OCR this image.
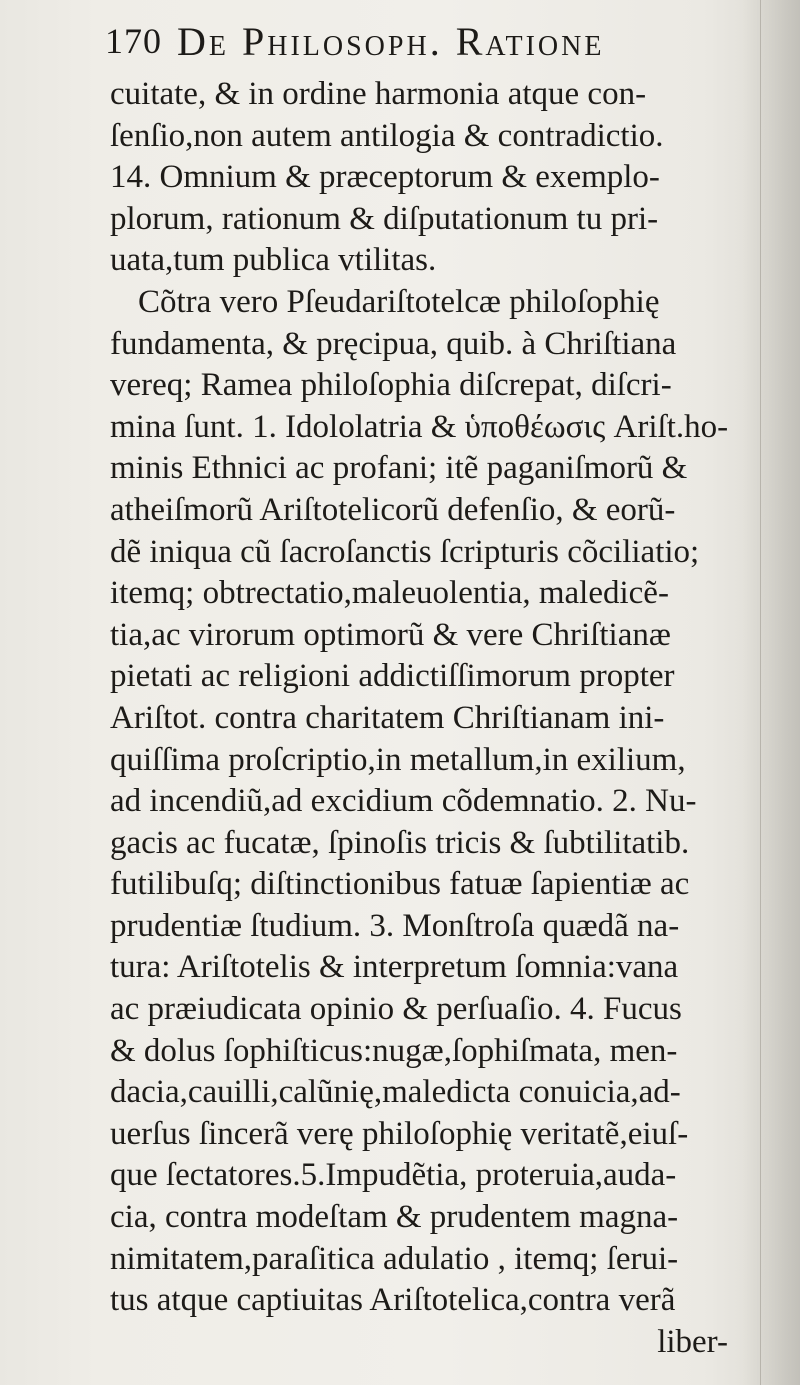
170 De Philosoph. Ratione
cuitate, & in ordine harmonia atque con-
ſenſio,non autem antilogia & contradictio.
14. Omnium & præceptorum & exemplo-
plorum, rationum & diſputationum tu pri-
uata,tum publica vtilitas.
Cõtra vero Pſeudariſtotelcæ philoſophię
fundamenta, & pręcipua, quib. à Chriſtiana
vereq; Ramea philoſophia diſcrepat, diſcri-
mina ſunt. 1. Idololatria & ὑποθέωσις Ariſt.ho-
minis Ethnici ac profani; itẽ paganiſmorũ &
atheiſmorũ Ariſtotelicorũ defenſio, & eorũ-
dẽ iniqua cũ ſacroſanctis ſcripturis cõciliatio;
itemq; obtrectatio,maleuolentia, maledicẽ-
tia,ac virorum optimorũ & vere Chriſtianæ
pietati ac religioni addictiſſimorum propter
Ariſtot. contra charitatem Chriſtianam ini-
quiſſima proſcriptio,in metallum,in exilium,
ad incendiũ,ad excidium cõdemnatio. 2. Nu-
gacis ac fucatæ, ſpinoſis tricis & ſubtilitatib.
futilibuſq; diſtinctionibus fatuæ ſapientiæ ac
prudentiæ ſtudium. 3. Monſtroſa quædã na-
tura: Ariſtotelis & interpretum ſomnia:vana
ac præiudicata opinio & perſuaſio. 4. Fucus
& dolus ſophiſticus:nugæ,ſophiſmata, men-
dacia,cauilli,calũnię,maledicta conuicia,ad-
uerſus ſincerã verę philoſophię veritatẽ,eiuſ-
que ſectatores.5.Impudẽtia, proteruia,auda-
cia, contra modeſtam & prudentem magna-
nimitatem,paraſitica adulatio , itemq; ſerui-
tus atque captiuitas Ariſtotelica,contra verã
liber-
